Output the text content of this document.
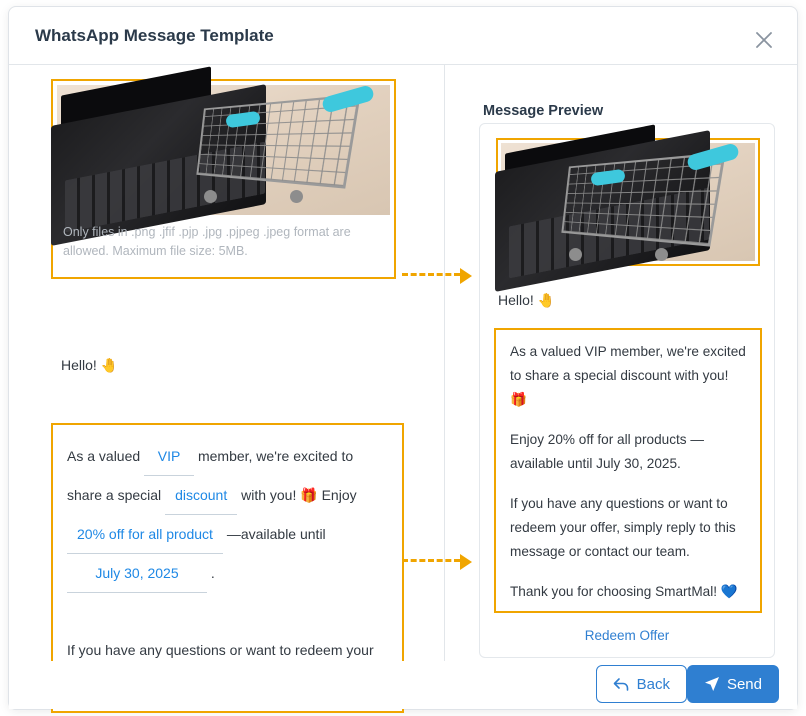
WhatsApp Message Template
Only files in .png .jfif .pjp .jpg .pjpeg .jpeg format are allowed. Maximum file size: 5MB.
Hello! 🤚
As a valued VIP member, we're excited to share a special discount with you! 🎁 Enjoy 20% off for all product —available until July 30, 2025 .
If you have any questions or want to redeem your
Message Preview
Hello! 🤚

As a valued VIP member, we're excited to share a special discount with you! 🎁

Enjoy 20% off for all products — available until July 30, 2025.

If you have any questions or want to redeem your offer, simply reply to this message or contact our team.

Thank you for choosing SmartMal! 💙

Redeem Offer
Back	Send
